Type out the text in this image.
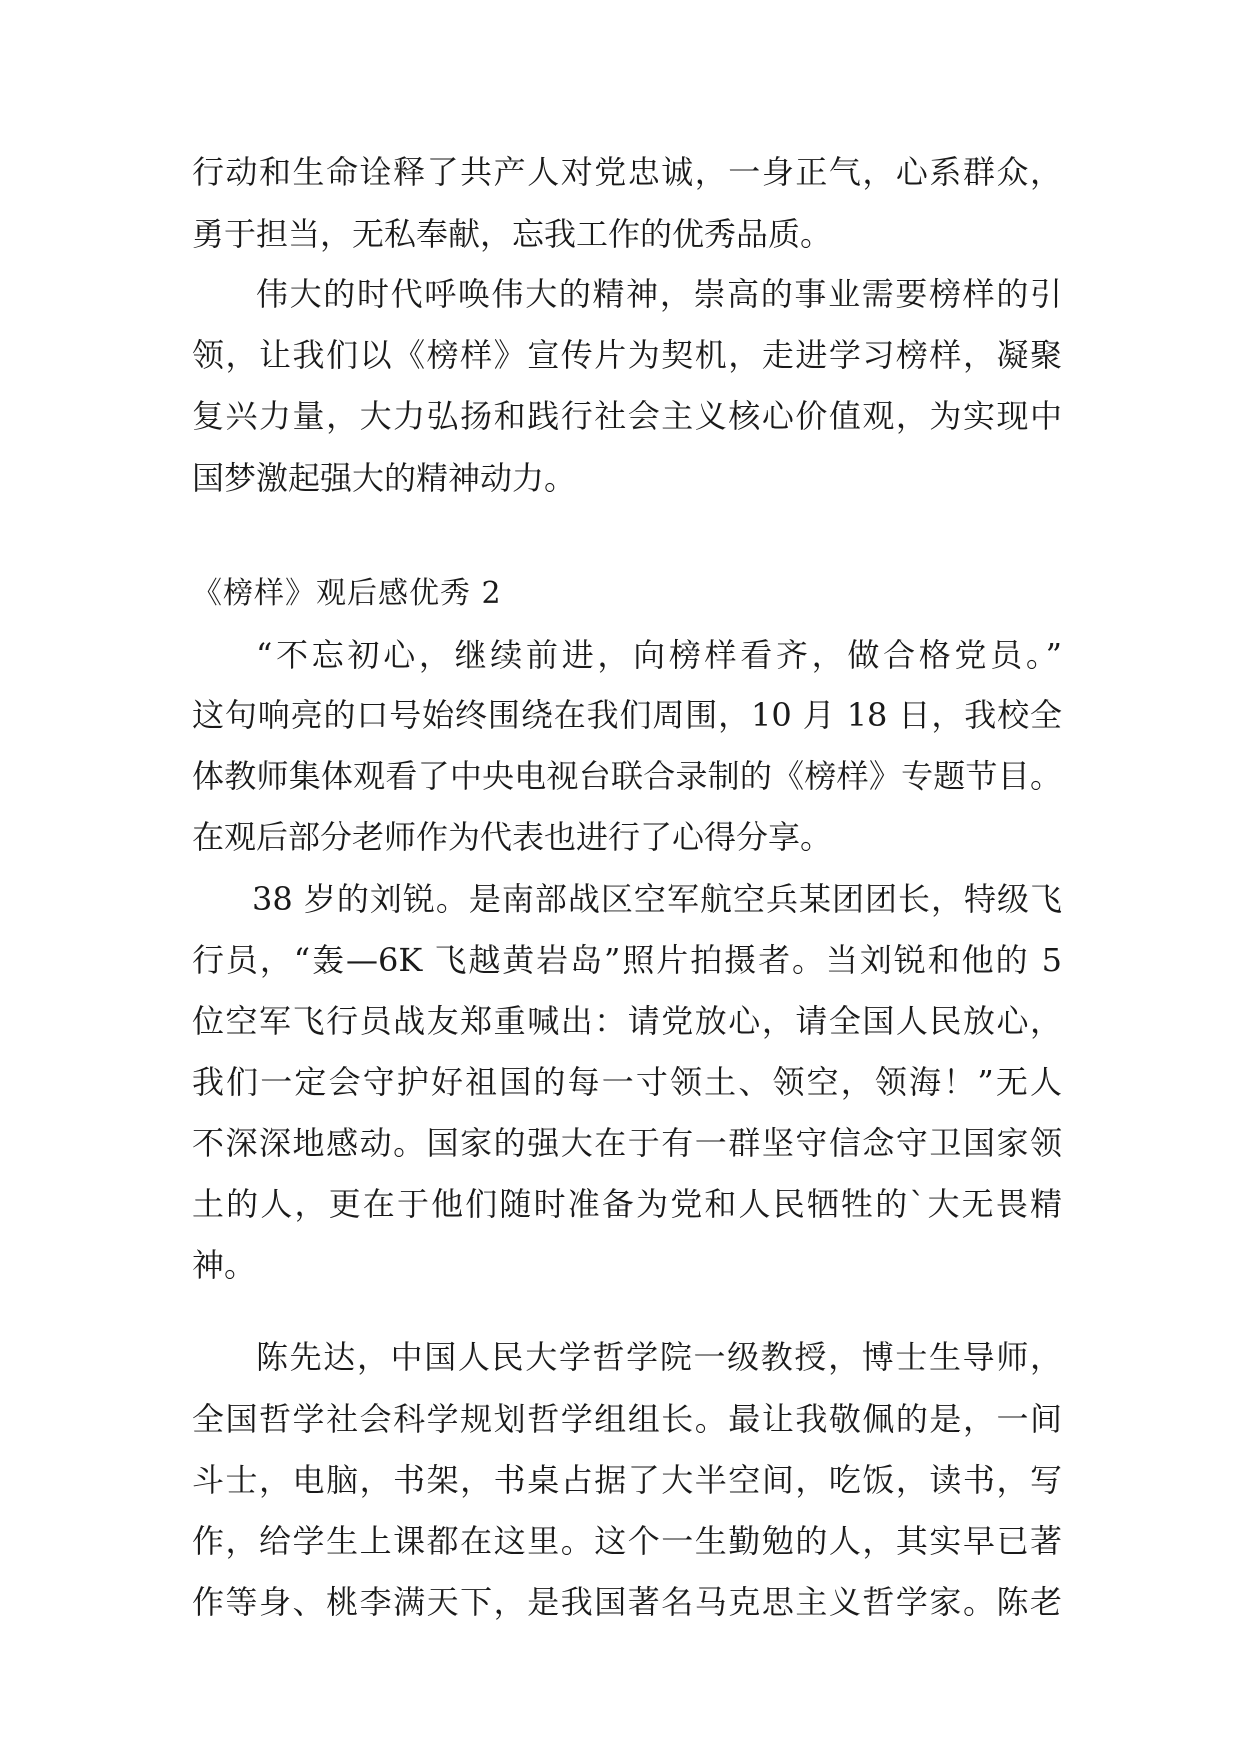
行动和生命诠释了共产人对党忠诚，一身正气，心系群众，
勇于担当，无私奉献，忘我工作的优秀品质。
伟大的时代呼唤伟大的精神，崇高的事业需要榜样的引
领，让我们以《榜样》宣传片为契机，走进学习榜样，凝聚
复兴力量，大力弘扬和践行社会主义核心价值观，为实现中
国梦激起强大的精神动力。
《榜样》观后感优秀 2
“不忘初心，继续前进，向榜样看齐，做合格党员。”
这句响亮的口号始终围绕在我们周围，10 月 18 日，我校全
体教师集体观看了中央电视台联合录制的《榜样》专题节目。
在观后部分老师作为代表也进行了心得分享。
38 岁的刘锐。是南部战区空军航空兵某团团长，特级飞
行员，“轰—6K 飞越黄岩岛”照片拍摄者。当刘锐和他的 5
位空军飞行员战友郑重喊出：请党放心，请全国人民放心，
我们一定会守护好祖国的每一寸领土、领空，领海！”无人
不深深地感动。国家的强大在于有一群坚守信念守卫国家领
土的人，更在于他们随时准备为党和人民牺牲的`大无畏精
神。
陈先达，中国人民大学哲学院一级教授，博士生导师，
全国哲学社会科学规划哲学组组长。最让我敬佩的是，一间
斗士，电脑，书架，书桌占据了大半空间，吃饭，读书，写
作，给学生上课都在这里。这个一生勤勉的人，其实早已著
作等身、桃李满天下，是我国著名马克思主义哲学家。陈老
